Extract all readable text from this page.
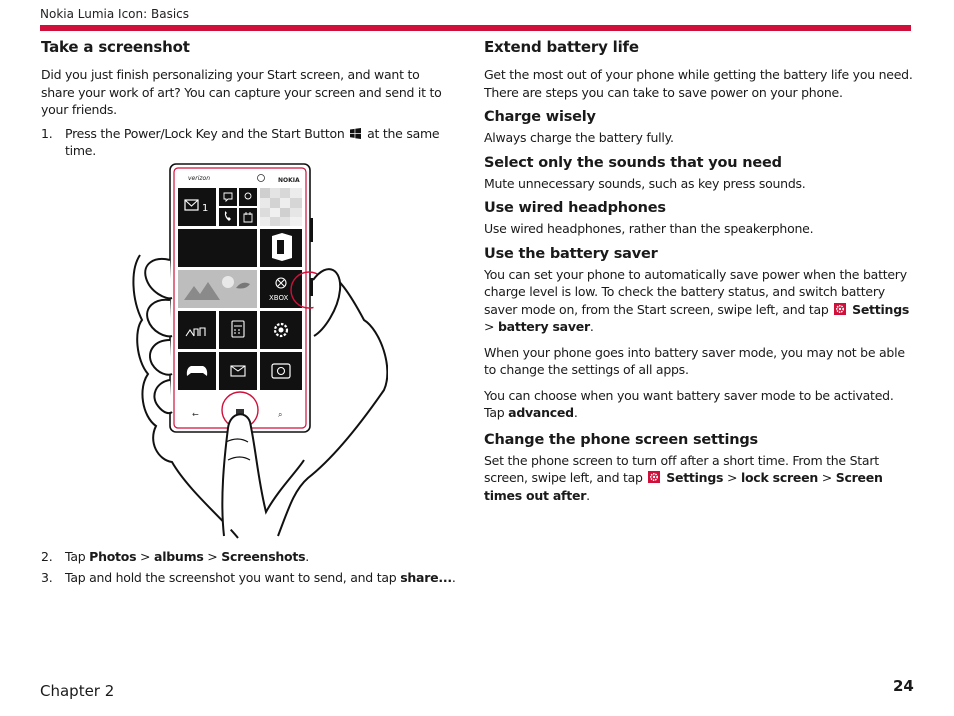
Nokia Lumia Icon: Basics
Take a screenshot

Did you just finish personalizing your Start screen, and want to share your work of art? You can capture your screen and send it to your friends.

1. Press the Power/Lock Key and the Start Button at the same time.
verizon	NOKIA
1
XBOX
←	⌕
2. Tap Photos > albums > Screenshots.
3. Tap and hold the screenshot you want to send, and tap share....
Extend battery life

Get the most out of your phone while getting the battery life you need. There are steps you can take to save power on your phone.

Charge wisely

Always charge the battery fully.

Select only the sounds that you need

Mute unnecessary sounds, such as key press sounds.

Use wired headphones

Use wired headphones, rather than the speakerphone.

Use the battery saver

You can set your phone to automatically save power when the battery charge level is low. To check the battery status, and switch battery saver mode on, from the Start screen, swipe left, and tap Settings > battery saver.

When your phone goes into battery saver mode, you may not be able to change the settings of all apps.

You can choose when you want battery saver mode to be activated.
Tap advanced.

Change the phone screen settings

Set the phone screen to turn off after a short time. From the Start screen, swipe left, and tap Settings > lock screen > Screen times out after.

Chapter 2	24
